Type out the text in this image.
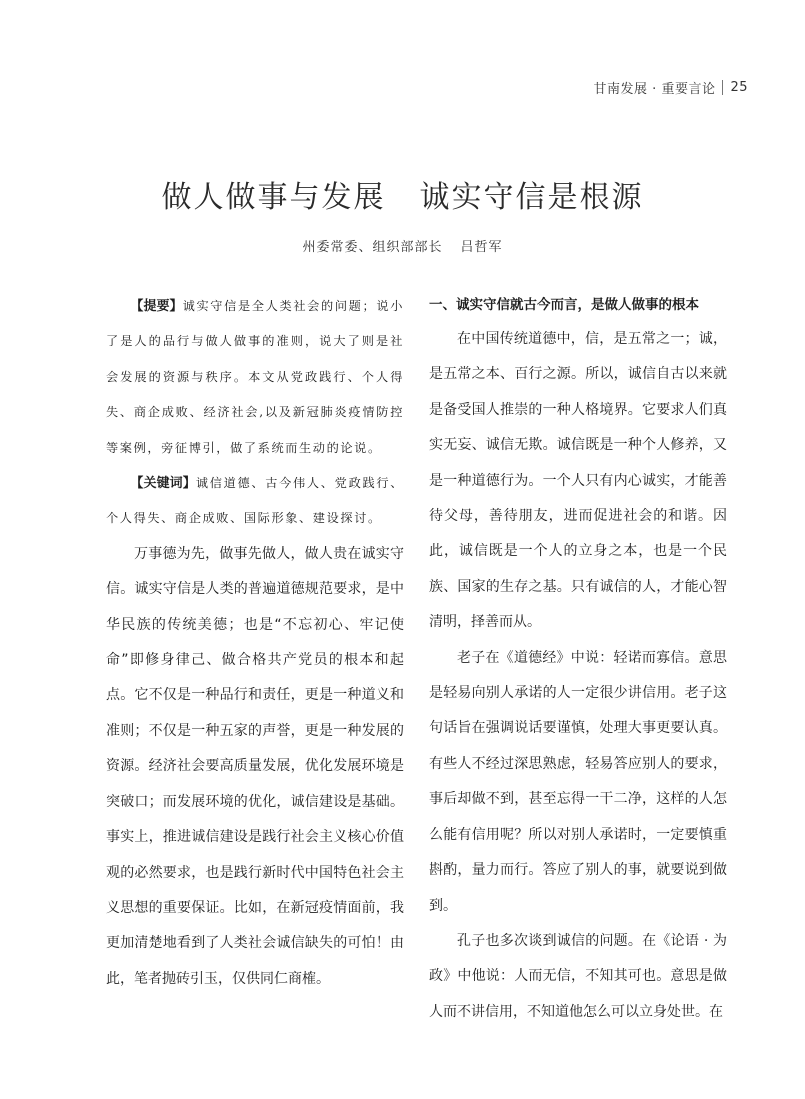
甘南发展 · 重要言论 25
做人做事与发展 诚实守信是根源
州委常委、组织部部长 吕哲军

【提要】诚实守信是全人类社会的问题；说小了是人的品行与做人做事的准则，说大了则是社会发展的资源与秩序。本文从党政践行、个人得失、商企成败、经济社会,以及新冠肺炎疫情防控等案例，旁征博引，做了系统而生动的论说。

【关键词】诚信道德、古今伟人、党政践行、个人得失、商企成败、国际形象、建设探讨。

万事德为先，做事先做人，做人贵在诚实守信。诚实守信是人类的普遍道德规范要求，是中华民族的传统美德；也是“不忘初心、牢记使命”即修身律己、做合格共产党员的根本和起点。它不仅是一种品行和责任，更是一种道义和准则；不仅是一种五家的声誉，更是一种发展的资源。经济社会要高质量发展，优化发展环境是突破口；而发展环境的优化，诚信建设是基础。事实上，推进诚信建设是践行社会主义核心价值观的必然要求，也是践行新时代中国特色社会主义思想的重要保证。比如，在新冠疫情面前，我更加清楚地看到了人类社会诚信缺失的可怕！由此，笔者抛砖引玉，仅供同仁商榷。

一、诚实守信就古今而言，是做人做事的根本

在中国传统道德中，信，是五常之一；诚，是五常之本、百行之源。所以，诚信自古以来就是备受国人推崇的一种人格境界。它要求人们真实无妄、诚信无欺。诚信既是一种个人修养，又是一种道德行为。一个人只有内心诚实，才能善待父母，善待朋友，进而促进社会的和谐。因此，诚信既是一个人的立身之本，也是一个民族、国家的生存之基。只有诚信的人，才能心智清明，择善而从。

老子在《道德经》中说：轻诺而寡信。意思是轻易向别人承诺的人一定很少讲信用。老子这句话旨在强调说话要谨慎，处理大事更要认真。有些人不经过深思熟虑，轻易答应别人的要求，事后却做不到，甚至忘得一干二净，这样的人怎么能有信用呢？所以对别人承诺时，一定要慎重斟酌，量力而行。答应了别人的事，就要说到做到。

孔子也多次谈到诚信的问题。在《论语 · 为政》中他说：人而无信，不知其可也。意思是做人而不讲信用，不知道他怎么可以立身处世。在
